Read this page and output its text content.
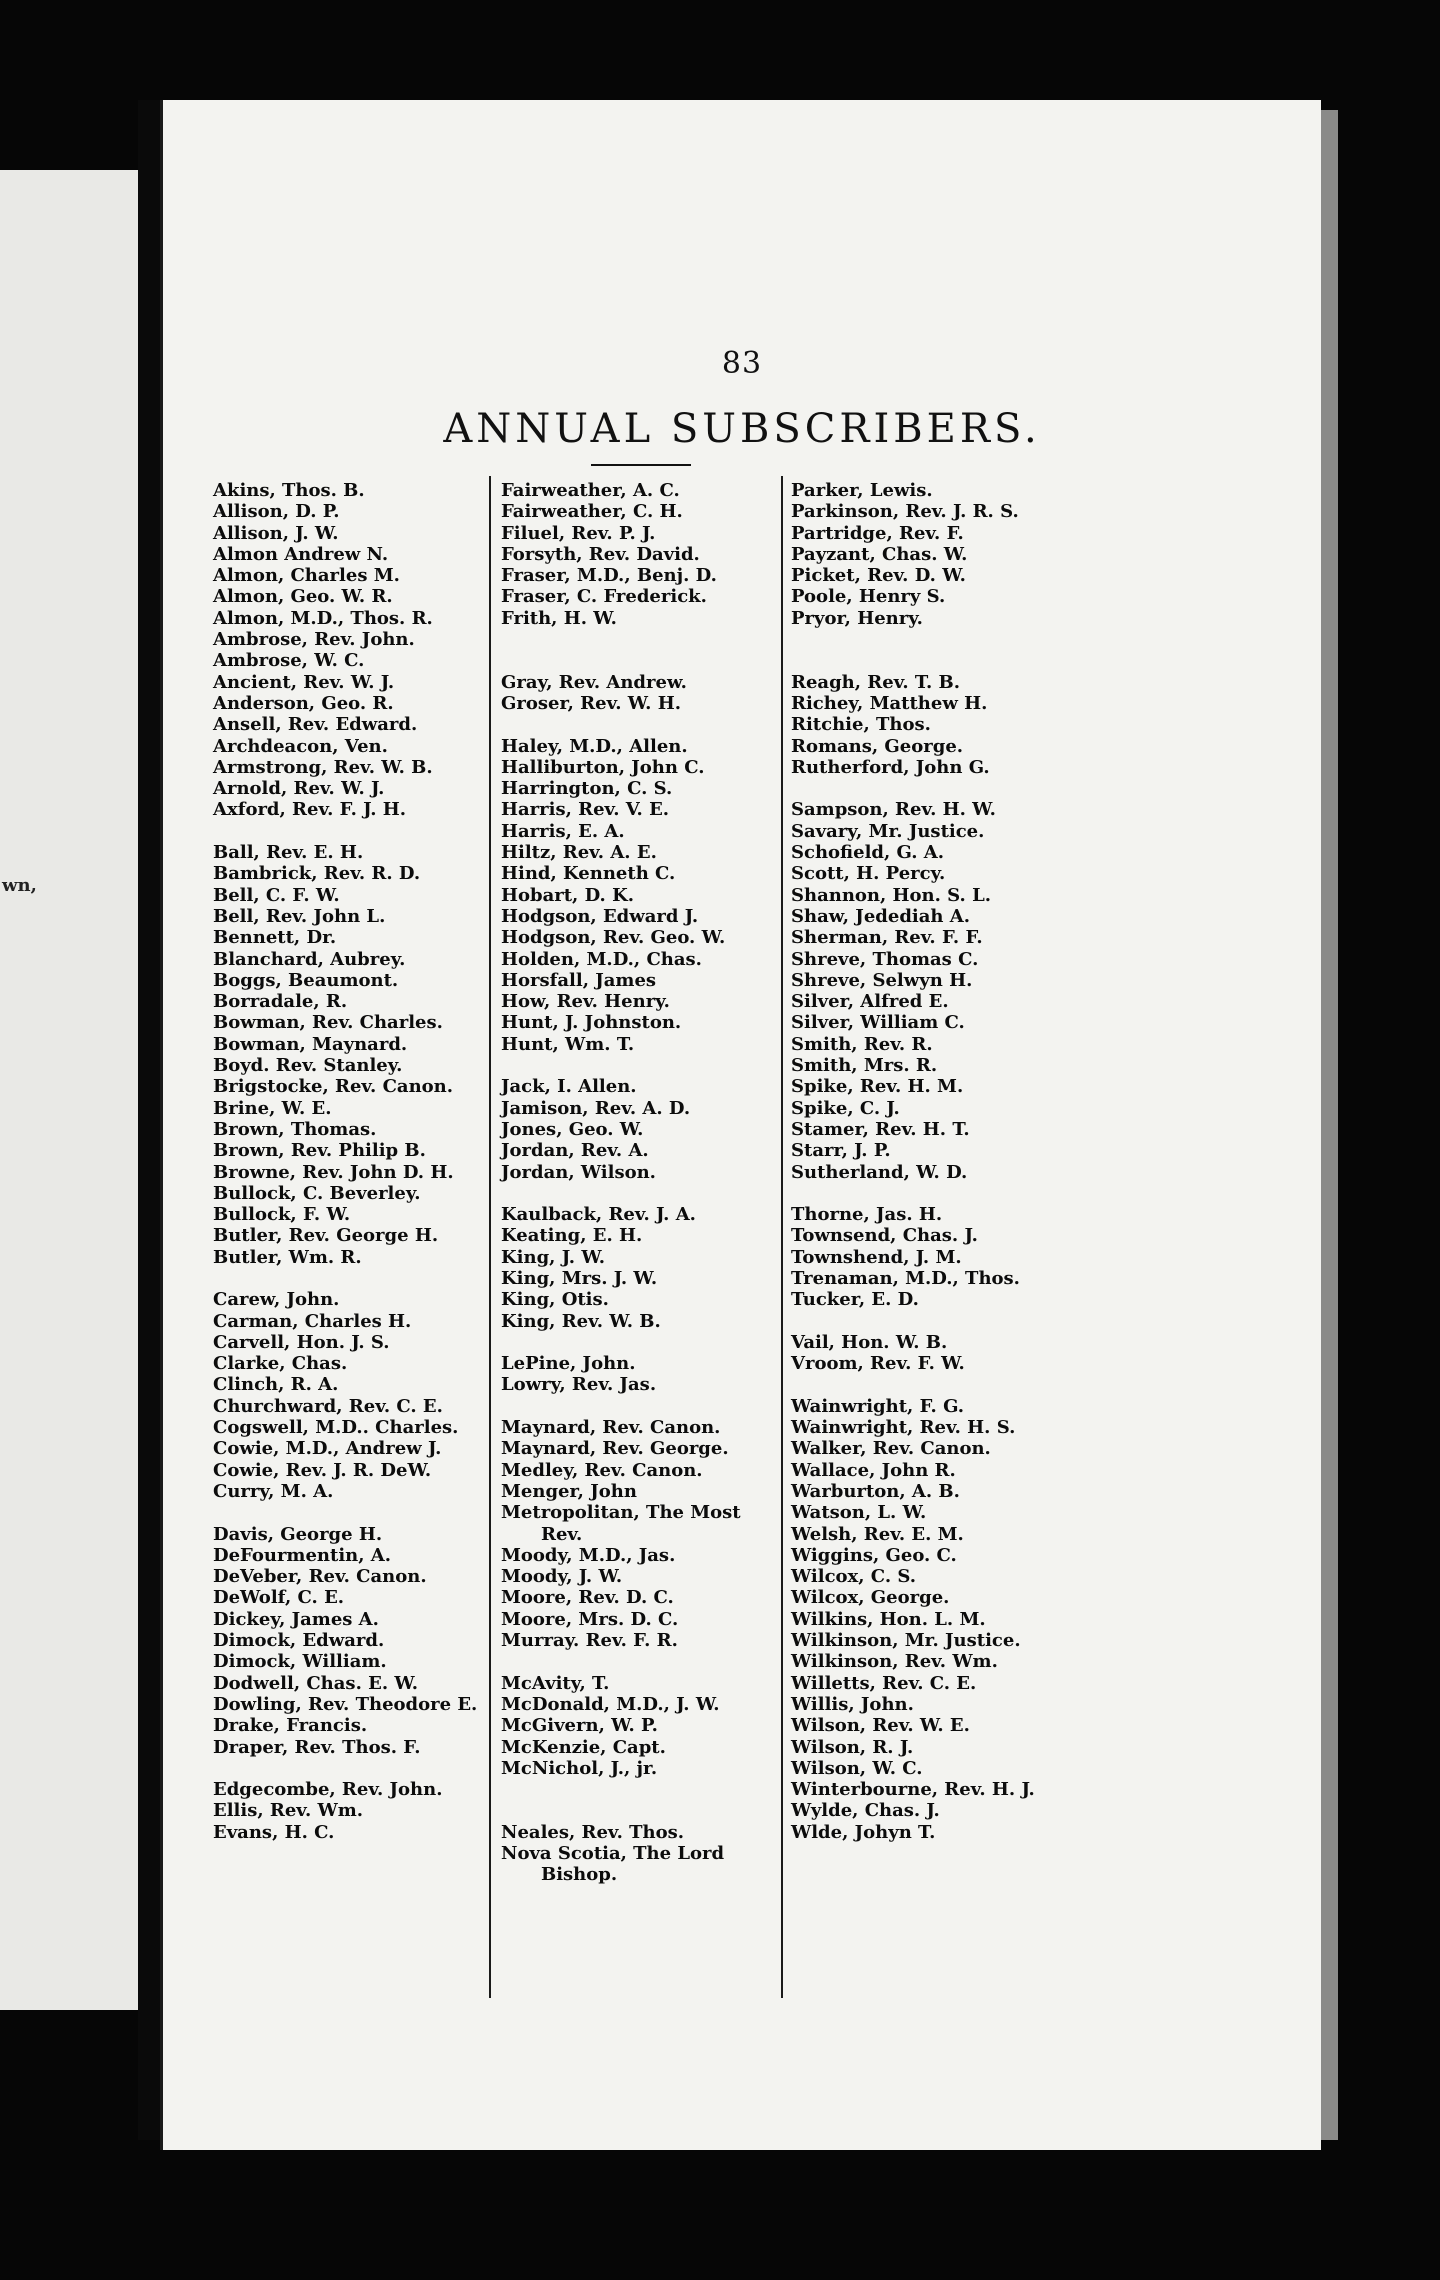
wn,
83
ANNUAL SUBSCRIBERS.
Akins, Thos. B.
Allison, D. P.
Allison, J. W.
Almon Andrew N.
Almon, Charles M.
Almon, Geo. W. R.
Almon, M.D., Thos. R.
Ambrose, Rev. John.
Ambrose, W. C.
Ancient, Rev. W. J.
Anderson, Geo. R.
Ansell, Rev. Edward.
Archdeacon, Ven.
Armstrong, Rev. W. B.
Arnold, Rev. W. J.
Axford, Rev. F. J. H.
Ball, Rev. E. H.
Bambrick, Rev. R. D.
Bell, C. F. W.
Bell, Rev. John L.
Bennett, Dr.
Blanchard, Aubrey.
Boggs, Beaumont.
Borradale, R.
Bowman, Rev. Charles.
Bowman, Maynard.
Boyd. Rev. Stanley.
Brigstocke, Rev. Canon.
Brine, W. E.
Brown, Thomas.
Brown, Rev. Philip B.
Browne, Rev. John D. H.
Bullock, C. Beverley.
Bullock, F. W.
Butler, Rev. George H.
Butler, Wm. R.
Carew, John.
Carman, Charles H.
Carvell, Hon. J. S.
Clarke, Chas.
Clinch, R. A.
Churchward, Rev. C. E.
Cogswell, M.D.. Charles.
Cowie, M.D., Andrew J.
Cowie, Rev. J. R. DeW.
Curry, M. A.
Davis, George H.
DeFourmentin, A.
DeVeber, Rev. Canon.
DeWolf, C. E.
Dickey, James A.
Dimock, Edward.
Dimock, William.
Dodwell, Chas. E. W.
Dowling, Rev. Theodore E.
Drake, Francis.
Draper, Rev. Thos. F.
Edgecombe, Rev. John.
Ellis, Rev. Wm.
Evans, H. C.
Fairweather, A. C.
Fairweather, C. H.
Filuel, Rev. P. J.
Forsyth, Rev. David.
Fraser, M.D., Benj. D.
Fraser, C. Frederick.
Frith, H. W.
Gray, Rev. Andrew.
Groser, Rev. W. H.
Haley, M.D., Allen.
Halliburton, John C.
Harrington, C. S.
Harris, Rev. V. E.
Harris, E. A.
Hiltz, Rev. A. E.
Hind, Kenneth C.
Hobart, D. K.
Hodgson, Edward J.
Hodgson, Rev. Geo. W.
Holden, M.D., Chas.
Horsfall, James
How, Rev. Henry.
Hunt, J. Johnston.
Hunt, Wm. T.
Jack, I. Allen.
Jamison, Rev. A. D.
Jones, Geo. W.
Jordan, Rev. A.
Jordan, Wilson.
Kaulback, Rev. J. A.
Keating, E. H.
King, J. W.
King, Mrs. J. W.
King, Otis.
King, Rev. W. B.
LePine, John.
Lowry, Rev. Jas.
Maynard, Rev. Canon.
Maynard, Rev. George.
Medley, Rev. Canon.
Menger, John
Metropolitan, The Most
Rev.
Moody, M.D., Jas.
Moody, J. W.
Moore, Rev. D. C.
Moore, Mrs. D. C.
Murray. Rev. F. R.
McAvity, T.
McDonald, M.D., J. W.
McGivern, W. P.
McKenzie, Capt.
McNichol, J., jr.
Neales, Rev. Thos.
Nova Scotia, The Lord
Bishop.
Parker, Lewis.
Parkinson, Rev. J. R. S.
Partridge, Rev. F.
Payzant, Chas. W.
Picket, Rev. D. W.
Poole, Henry S.
Pryor, Henry.
Reagh, Rev. T. B.
Richey, Matthew H.
Ritchie, Thos.
Romans, George.
Rutherford, John G.
Sampson, Rev. H. W.
Savary, Mr. Justice.
Schofield, G. A.
Scott, H. Percy.
Shannon, Hon. S. L.
Shaw, Jedediah A.
Sherman, Rev. F. F.
Shreve, Thomas C.
Shreve, Selwyn H.
Silver, Alfred E.
Silver, William C.
Smith, Rev. R.
Smith, Mrs. R.
Spike, Rev. H. M.
Spike, C. J.
Stamer, Rev. H. T.
Starr, J. P.
Sutherland, W. D.
Thorne, Jas. H.
Townsend, Chas. J.
Townshend, J. M.
Trenaman, M.D., Thos.
Tucker, E. D.
Vail, Hon. W. B.
Vroom, Rev. F. W.
Wainwright, F. G.
Wainwright, Rev. H. S.
Walker, Rev. Canon.
Wallace, John R.
Warburton, A. B.
Watson, L. W.
Welsh, Rev. E. M.
Wiggins, Geo. C.
Wilcox, C. S.
Wilcox, George.
Wilkins, Hon. L. M.
Wilkinson, Mr. Justice.
Wilkinson, Rev. Wm.
Willetts, Rev. C. E.
Willis, John.
Wilson, Rev. W. E.
Wilson, R. J.
Wilson, W. C.
Winterbourne, Rev. H. J.
Wylde, Chas. J.
Wlde, Johyn T.
